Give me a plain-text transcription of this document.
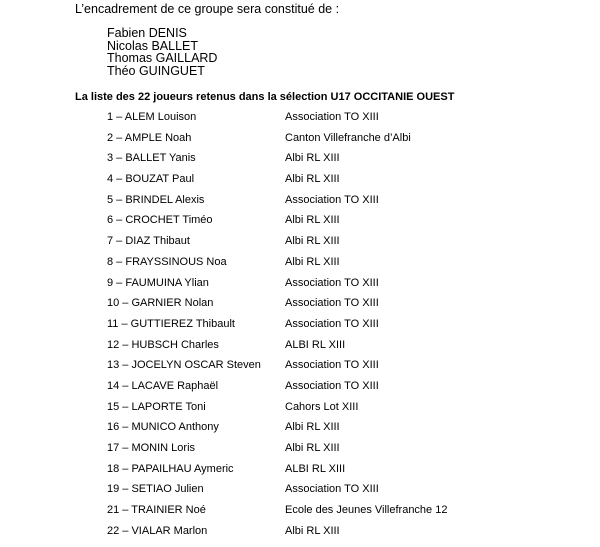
L’encadrement de ce groupe sera constitué de :
Fabien DENIS
Nicolas BALLET
Thomas GAILLARD
Théo GUINGUET
La liste des 22 joueurs retenus dans la sélection U17 OCCITANIE OUEST
1 – ALEM Louison	Association TO XIII
2 – AMPLE Noah	Canton Villefranche d’Albi
3 – BALLET Yanis	Albi RL XIII
4 – BOUZAT Paul	Albi RL XIII
5 – BRINDEL Alexis	Association TO XIII
6 – CROCHET Timéo	Albi RL XIII
7 – DIAZ Thibaut	Albi RL XIII
8 – FRAYSSINOUS Noa	Albi RL XIII
9 – FAUMUINA Ylian	Association TO XIII
10 – GARNIER Nolan	Association TO XIII
11 – GUTTIEREZ Thibault	Association TO XIII
12 – HUBSCH Charles	ALBI RL XIII
13 – JOCELYN OSCAR Steven Association TO XIII
14 – LACAVE Raphaël	Association TO XIII
15 – LAPORTE Toni	Cahors Lot XIII
16 – MUNICO Anthony	Albi RL XIII
17 – MONIN Loris	Albi RL XIII
18 – PAPAILHAU Aymeric	ALBI RL XIII
19 – SETIAO Julien	Association TO XIII
21 – TRAINIER Noé	Ecole des Jeunes Villefranche 12
22 – VIALAR Marlon	Albi RL XIII
